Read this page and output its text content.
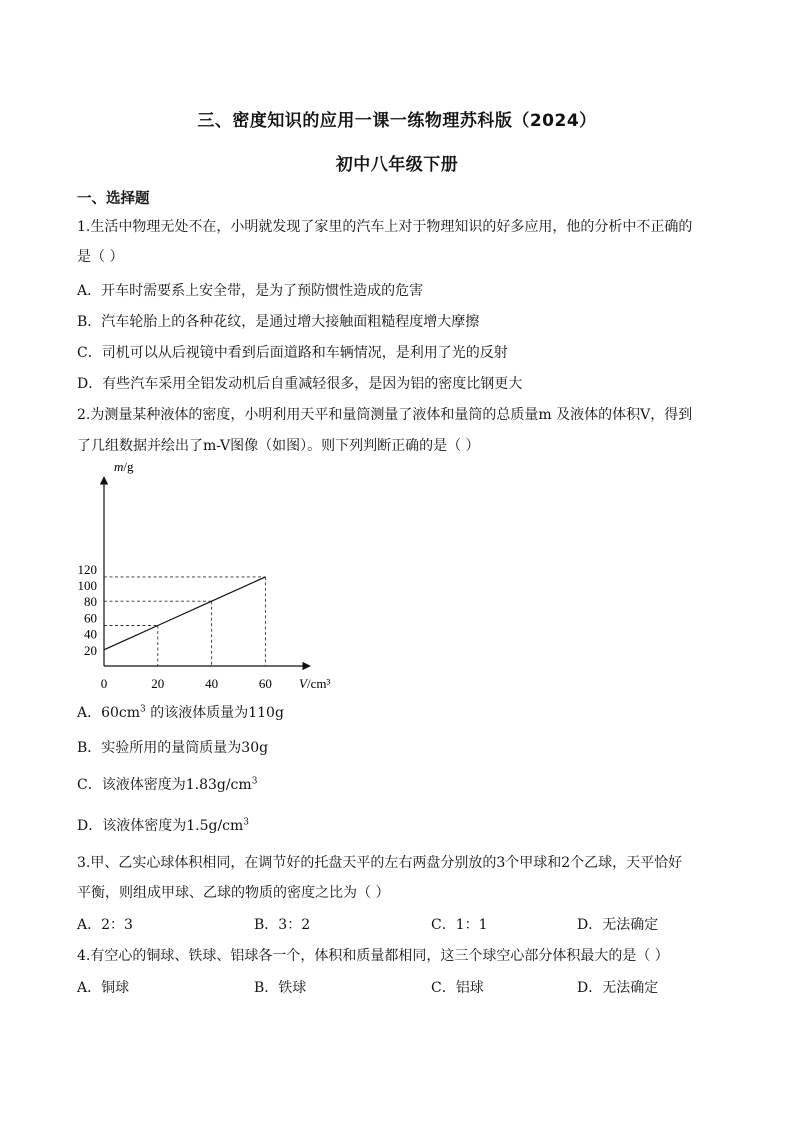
三、密度知识的应用一课一练物理苏科版（2024）
初中八年级下册
一、选择题
1.生活中物理无处不在，小明就发现了家里的汽车上对于物理知识的好多应用，他的分析中不正确的
是（ ）
A．开车时需要系上安全带，是为了预防惯性造成的危害
B．汽车轮胎上的各种花纹，是通过增大接触面粗糙程度增大摩擦
C．司机可以从后视镜中看到后面道路和车辆情况，是利用了光的反射
D．有些汽车采用全铝发动机后自重减轻很多，是因为铝的密度比钢更大
2.为测量某种液体的密度，小明利用天平和量筒测量了液体和量筒的总质量m 及液体的体积V，得到
了几组数据并绘出了m-V图像（如图）。则下列判断正确的是（ ）
20
40
60
80
100
120
0	20	40	60
m/g
V/cm³
A．$60cm^3$ 的该液体质量为110g
B．实验所用的量筒质量为30g
C．该液体密度为$1.83g/cm^3$
D．该液体密度为$1.5g/cm^3$
3.甲、乙实心球体积相同，在调节好的托盘天平的左右两盘分别放的3个甲球和2个乙球，天平恰好
平衡，则组成甲球、乙球的物质的密度之比为（ ）
A．2：3	B．3：2	C．1：1	D．无法确定
4.有空心的铜球、铁球、铝球各一个，体积和质量都相同，这三个球空心部分体积最大的是（ ）
A．铜球	B．铁球	C．铝球	D．无法确定
